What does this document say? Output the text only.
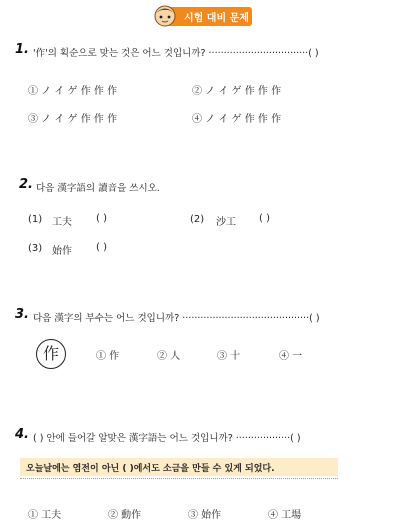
시험 대비 문제
1. '作'의 획순으로 맞는 것은 어느 것입니까? ·································( )
① ノ イ ゲ 作 作 作	② ノ イ ゲ 作 作 作
③ ノ イ ゲ 作 作 作	④ ノ イ ゲ 作 作 作
2. 다음 漢字語의 讀音을 쓰시오.
(1) 工夫 ( )	(2) 沙工 ( )
(3) 始作 ( )
3. 다음 漢字의 부수는 어느 것입니까? ··········································( )
作	① 作	② 人	③ 十	④ 一
4. ( ) 안에 들어갈 알맞은 漢字語는 어느 것입니까? ··················( )
오늘날에는 염전이 아닌 ( )에서도 소금을 만들 수 있게 되었다.
① 工夫	② 動作	③ 始作	④ 工場
